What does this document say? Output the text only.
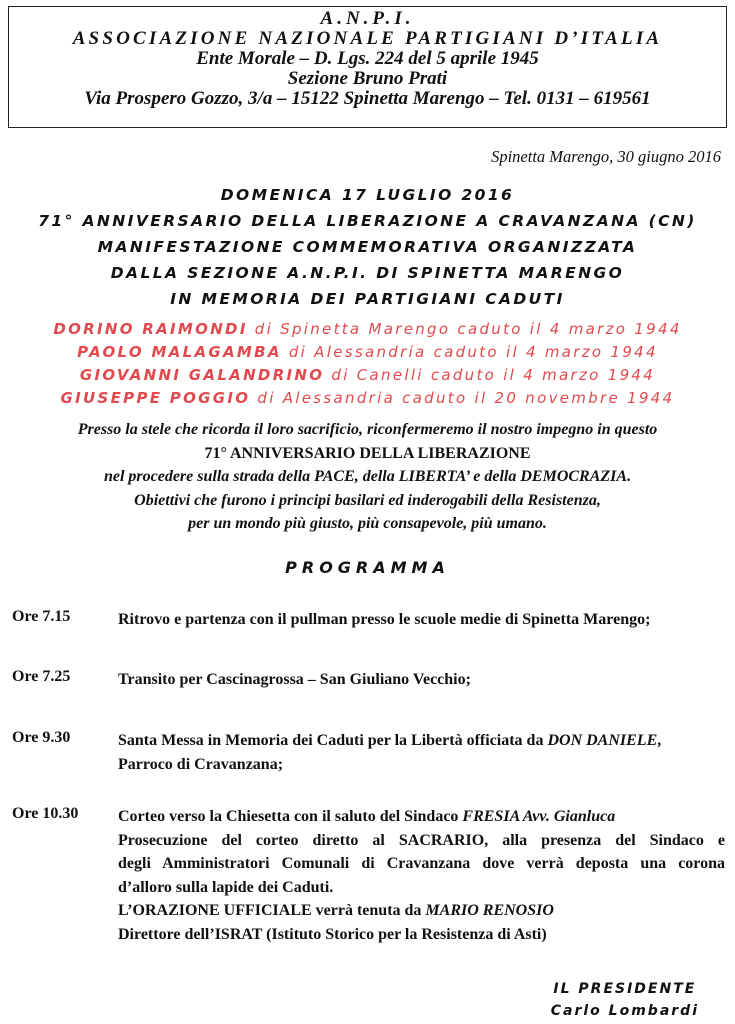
A.N.P.I.
ASSOCIAZIONE NAZIONALE PARTIGIANI D’ITALIA
Ente Morale – D. Lgs. 224 del 5 aprile 1945
Sezione Bruno Prati
Via Prospero Gozzo, 3/a – 15122 Spinetta Marengo – Tel. 0131 – 619561
Spinetta Marengo, 30 giugno 2016
DOMENICA 17 LUGLIO 2016
71° ANNIVERSARIO DELLA LIBERAZIONE A CRAVANZANA (CN)
MANIFESTAZIONE COMMEMORATIVA ORGANIZZATA
DALLA SEZIONE A.N.P.I. DI SPINETTA MARENGO
IN MEMORIA DEI PARTIGIANI CADUTI
DORINO RAIMONDI di Spinetta Marengo caduto il 4 marzo 1944
PAOLO MALAGAMBA di Alessandria caduto il 4 marzo 1944
GIOVANNI GALANDRINO di Canelli caduto il 4 marzo 1944
GIUSEPPE POGGIO di Alessandria caduto il 20 novembre 1944
Presso la stele che ricorda il loro sacrificio, riconfermeremo il nostro impegno in questo
71° ANNIVERSARIO DELLA LIBERAZIONE
nel procedere sulla strada della PACE, della LIBERTA’ e della DEMOCRAZIA.
Obiettivi che furono i principi basilari ed inderogabili della Resistenza,
per un mondo più giusto, più consapevole, più umano.
PROGRAMMA
Ore 7.15	Ritrovo e partenza con il pullman presso le scuole medie di Spinetta Marengo;
Ore 7.25	Transito per Cascinagrossa – San Giuliano Vecchio;
Ore 9.30	Santa Messa in Memoria dei Caduti per la Libertà officiata da DON DANIELE,
Parroco di Cravanzana;
Ore 10.30 Corteo verso la Chiesetta con il saluto del Sindaco FRESIA Avv. Gianluca
Prosecuzione del corteo diretto al SACRARIO, alla presenza del Sindaco e
degli Amministratori Comunali di Cravanzana dove verrà deposta una corona
d’alloro sulla lapide dei Caduti.
L’ORAZIONE UFFICIALE verrà tenuta da MARIO RENOSIO
Direttore dell’ISRAT (Istituto Storico per la Resistenza di Asti)
IL PRESIDENTE
Carlo Lombardi
